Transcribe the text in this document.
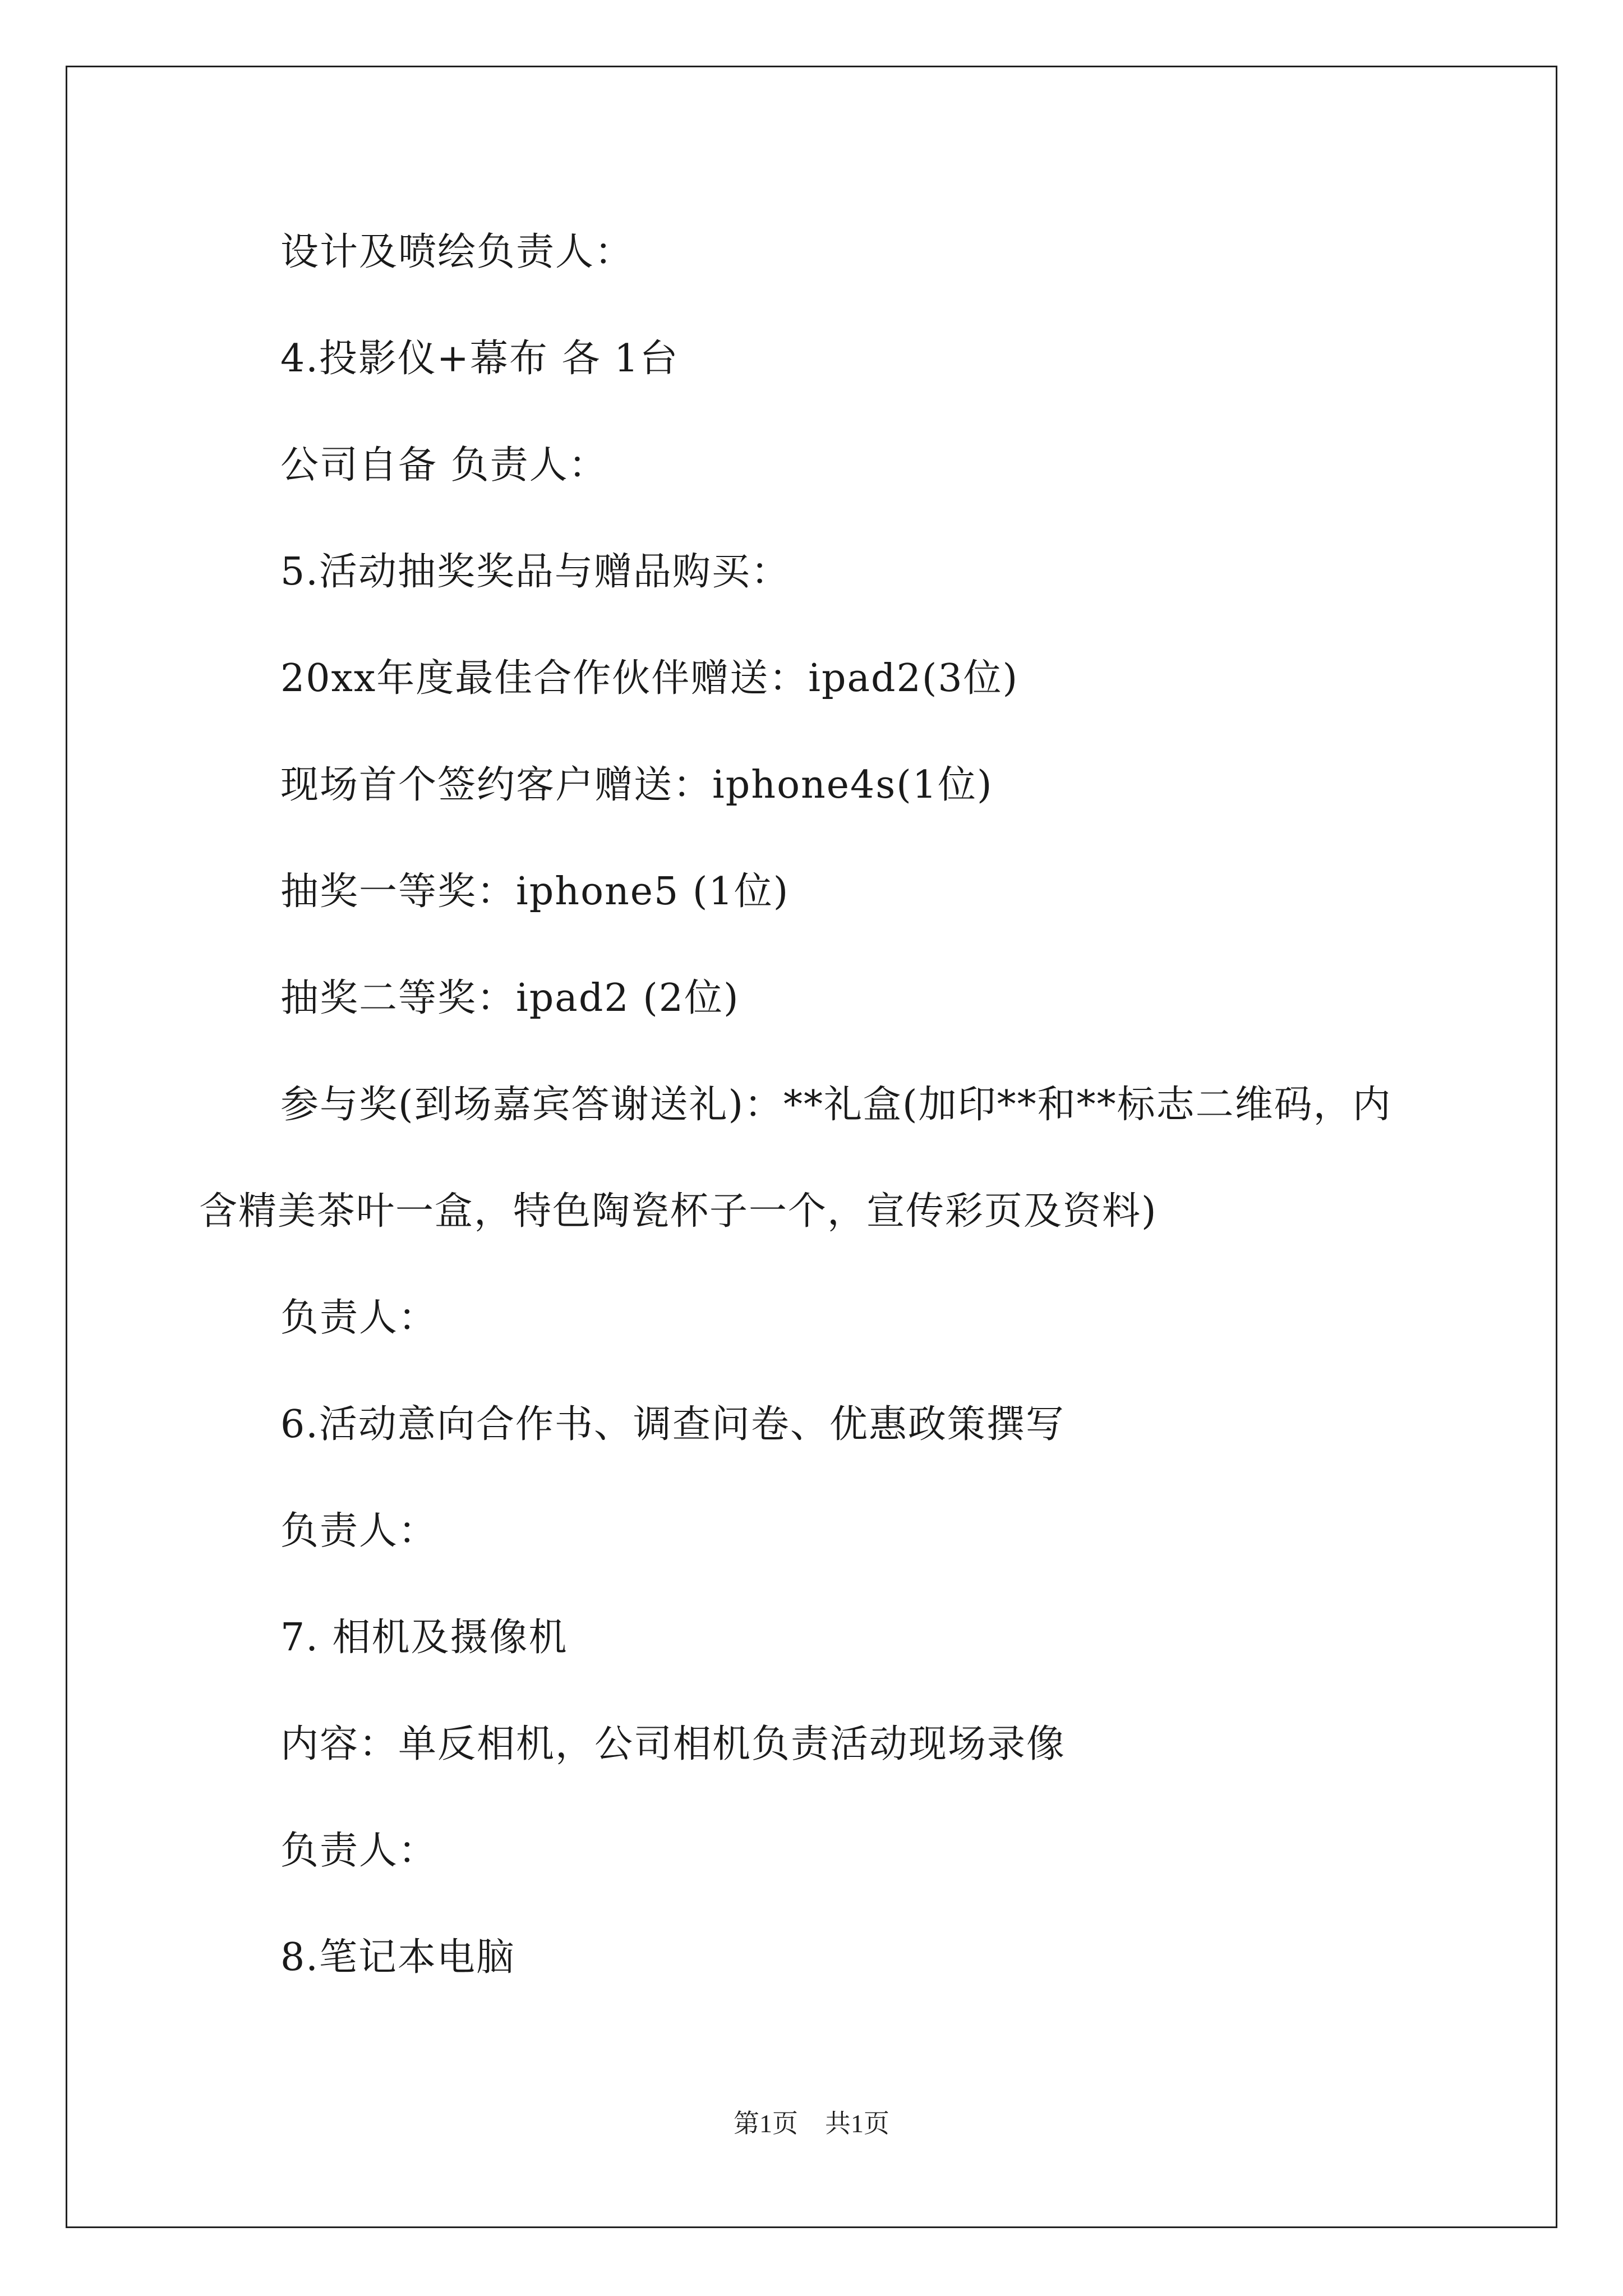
设计及喷绘负责人：
4.投影仪+幕布 各 1台
公司自备 负责人：
5.活动抽奖奖品与赠品购买：
20xx年度最佳合作伙伴赠送：ipad2(3位)
现场首个签约客户赠送：iphone4s(1位)
抽奖一等奖：iphone5 (1位)
抽奖二等奖：ipad2 (2位)
参与奖(到场嘉宾答谢送礼)：**礼盒(加印**和**标志二维码，内
含精美茶叶一盒，特色陶瓷杯子一个，宣传彩页及资料)
负责人：
6.活动意向合作书、调查问卷、优惠政策撰写
负责人：
7. 相机及摄像机
内容：单反相机，公司相机负责活动现场录像
负责人：
8.笔记本电脑
第1页 共1页
